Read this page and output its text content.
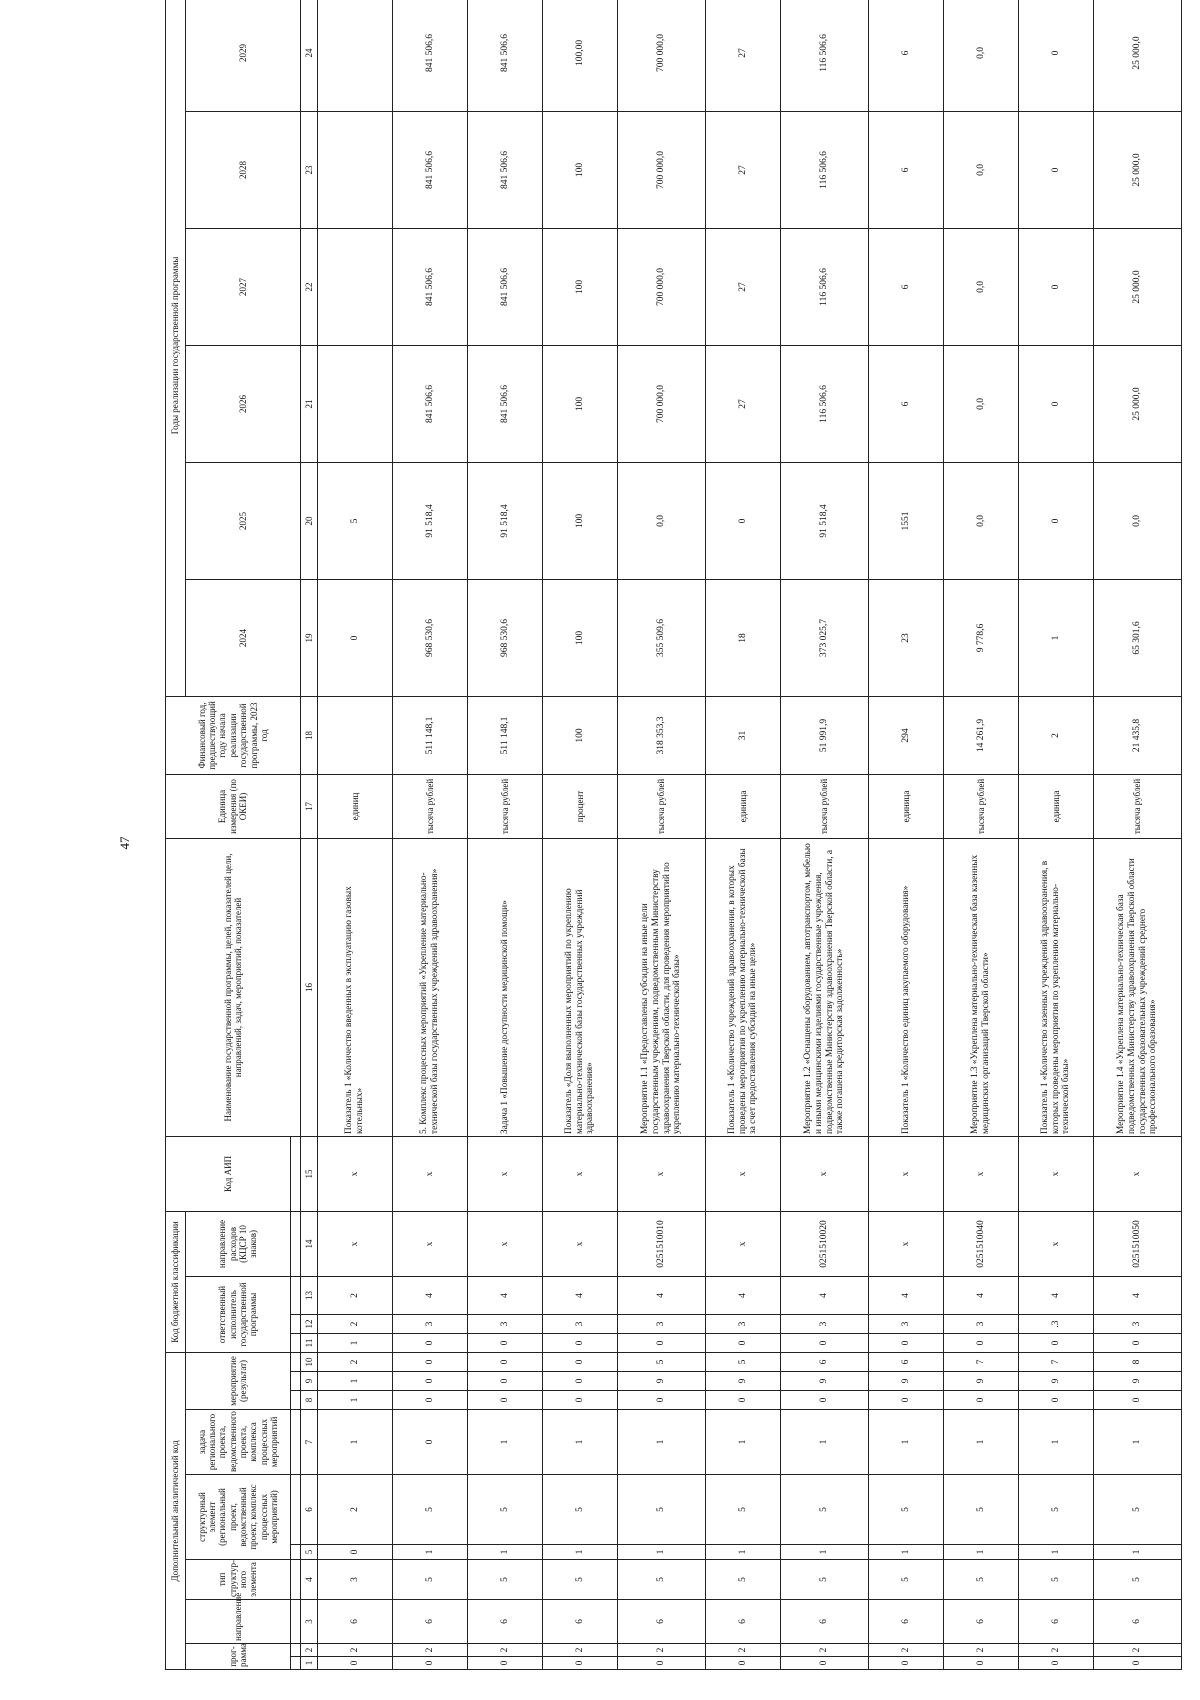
47
Дополнительный аналитический код										Код бюджетной классификации				Код АИП	Наименование государственной программы, целей, показателей цели, направлений, задач, мероприятий, показателей	Единица измерения (по ОКЕИ)	Финансовый год, предшествующий году начала реализации государственной программы, 2023 год	Годы реализации государственной программы					
прог-рамма		направление	тип структур-ного элемента	структурный элемент (региональный проект, ведомственный проект, комплекс процессных мероприятий)		задача регионального проекта, ведомственного проекта, комплекса процессных мероприятий	мероприятие (результат)			ответственный исполнитель государственной программы			направление расходов (КЦСР 10 знаков)					2024	2025	2026	2027	2028	2029

1	2	3	4	5	6	7	8	9	10	11	12	13	14	15	16	17	18	19	20	21	22	23	24
0	2	6	3	0	2	1	1	1	2	1	2	2	х	х	Показатель 1 «Количество введенных в эксплуатацию газовых котельных»	единиц		0	5				
0	2	6	5	1	5	0	0	0	0	0	3	4	х	х	5. Комплекс процессных мероприятий «Укрепление материально-технической базы государственных учреждений здравоохранения»	тысяча рублей	511 148,1	968 530,6	91 518,4	841 506,6	841 506,6	841 506,6	841 506,6
0	2	6	5	1	5	1	0	0	0	0	3	4	х	х	Задача 1 «Повышение доступности медицинской помощи»	тысяча рублей	511 148,1	968 530,6	91 518,4	841 506,6	841 506,6	841 506,6	841 506,6
0	2	6	5	1	5	1	0	0	0	0	3	4	х	х	Показатель «Доля выполненных мероприятий по укреплению материально-технической базы государственных учреждений здравоохранения»	процент	100	100	100	100	100	100	100,00
0	2	6	5	1	5	1	0	9	5	0	3	4	0251510010	х	Мероприятие 1.1 «Предоставлены субсидии на иные цели государственным учреждениям, подведомственным Министерству здравоохранения Тверской области, для проведения мероприятий по укреплению материально-технической базы»	тысяча рублей	318 353,3	355 509,6	0,0	700 000,0	700 000,0	700 000,0	700 000,0
0	2	6	5	1	5	1	0	9	5	0	3	4	х	х	Показатель 1 «Количество учреждений здравоохранения, в которых проведены мероприятия по укреплению материально-технической базы за счет предоставления субсидий на иные цели»	единица	31	18	0	27	27	27	27
0	2	6	5	1	5	1	0	9	6	0	3	4	0251510020	х	Мероприятие 1.2 «Оснащены оборудованием, автотранспортом, мебелью и иными медицинскими изделиями государственные учреждения, подведомственные Министерству здравоохранения Тверской области, а также погашена кредиторская задолженность»	тысяча рублей	51 991,9	373 025,7	91 518,4	116 506,6	116 506,6	116 506,6	116 506,6
0	2	6	5	1	5	1	0	9	6	0	3	4	х	х	Показатель 1 «Количество единиц закупаемого оборудования»	единица	294	23	1551	6	6	6	6
0	2	6	5	1	5	1	0	9	7	0	3	4	0251510040	х	Мероприятие 1.3 «Укреплена материально-техническая база казенных медицинских организаций Тверской области»	тысяча рублей	14 261,9	9 778,6	0,0	0,0	0,0	0,0	0,0
0	2	6	5	1	5	1	0	9	7	0	.3	4	х	х	Показатель 1 «Количество казенных учреждений здравоохранения, в которых проведены мероприятия по укреплению материально-технической базы»	единица	2	1	0	0	0	0	0
0	2	6	5	1	5	1	0	9	8	0	3	4	0251510050	х	Мероприятие 1.4 «Укреплена материально-техническая база подведомственных Министерству здравоохранения Тверской области государственных образовательных учреждений среднего профессионального образования»	тысяча рублей	21 435,8	65 301,6	0,0	25 000,0	25 000,0	25 000,0	25 000,0
